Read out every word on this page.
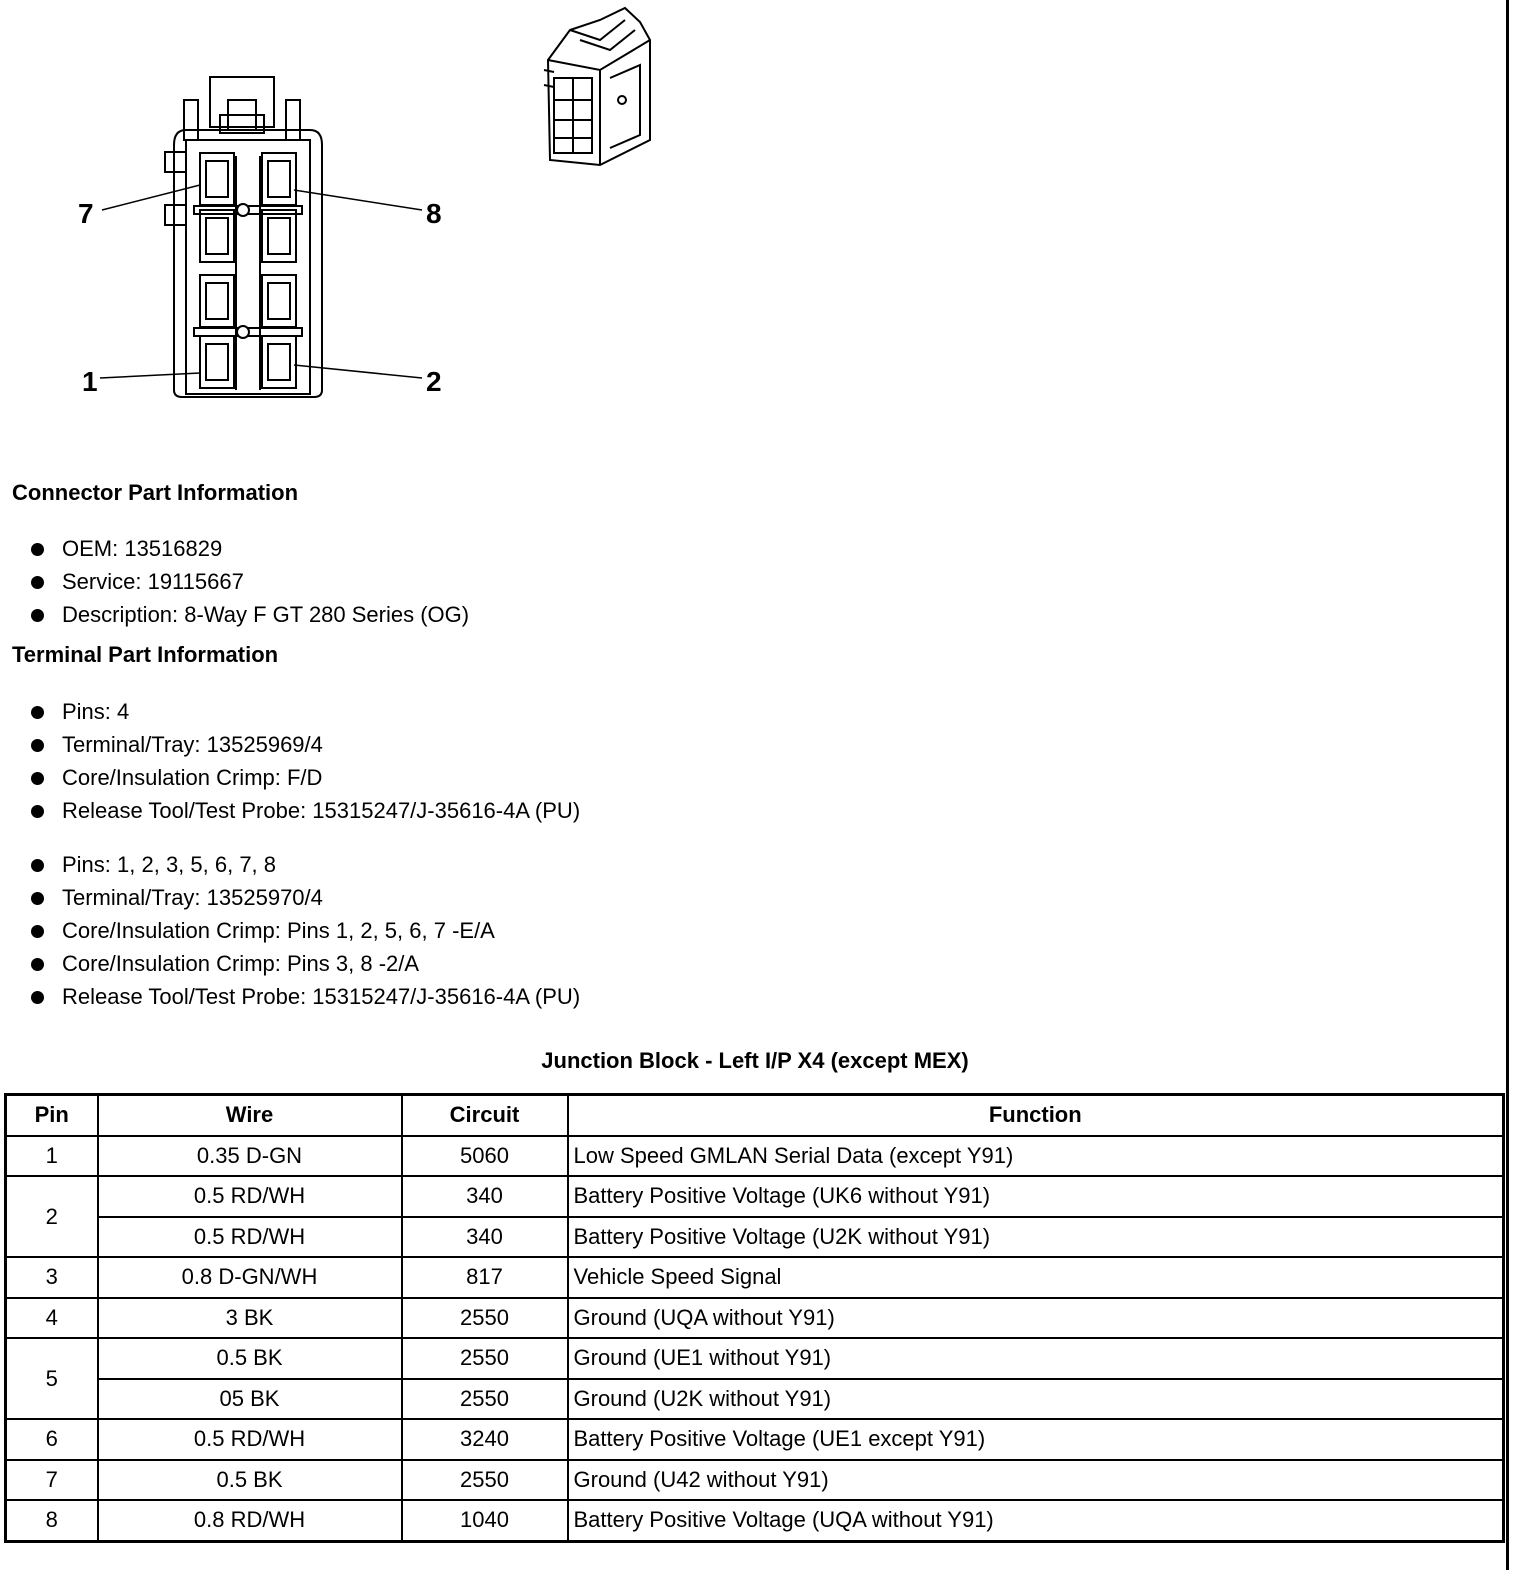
7	8
1	2
Connector Part Information
OEM: 13516829
Service: 19115667
Description: 8-Way F GT 280 Series (OG)
Terminal Part Information
Pins: 4
Terminal/Tray: 13525969/4
Core/Insulation Crimp: F/D
Release Tool/Test Probe: 15315247/J-35616-4A (PU)
Pins: 1, 2, 3, 5, 6, 7, 8
Terminal/Tray: 13525970/4
Core/Insulation Crimp: Pins 1, 2, 5, 6, 7 -E/A
Core/Insulation Crimp: Pins 3, 8 -2/A
Release Tool/Test Probe: 15315247/J-35616-4A (PU)
Junction Block - Left I/P X4 (except MEX)
Pin	Wire	Circuit	Function
1	0.35 D-GN	5060	Low Speed GMLAN Serial Data (except Y91)
2	0.5 RD/WH	340	Battery Positive Voltage (UK6 without Y91)
	0.5 RD/WH	340	Battery Positive Voltage (U2K without Y91)
3	0.8 D-GN/WH	817	Vehicle Speed Signal
4	3 BK	2550	Ground (UQA without Y91)
5	0.5 BK	2550	Ground (UE1 without Y91)
	05 BK	2550	Ground (U2K without Y91)
6	0.5 RD/WH	3240	Battery Positive Voltage (UE1 except Y91)
7	0.5 BK	2550	Ground (U42 without Y91)
8	0.8 RD/WH	1040	Battery Positive Voltage (UQA without Y91)
